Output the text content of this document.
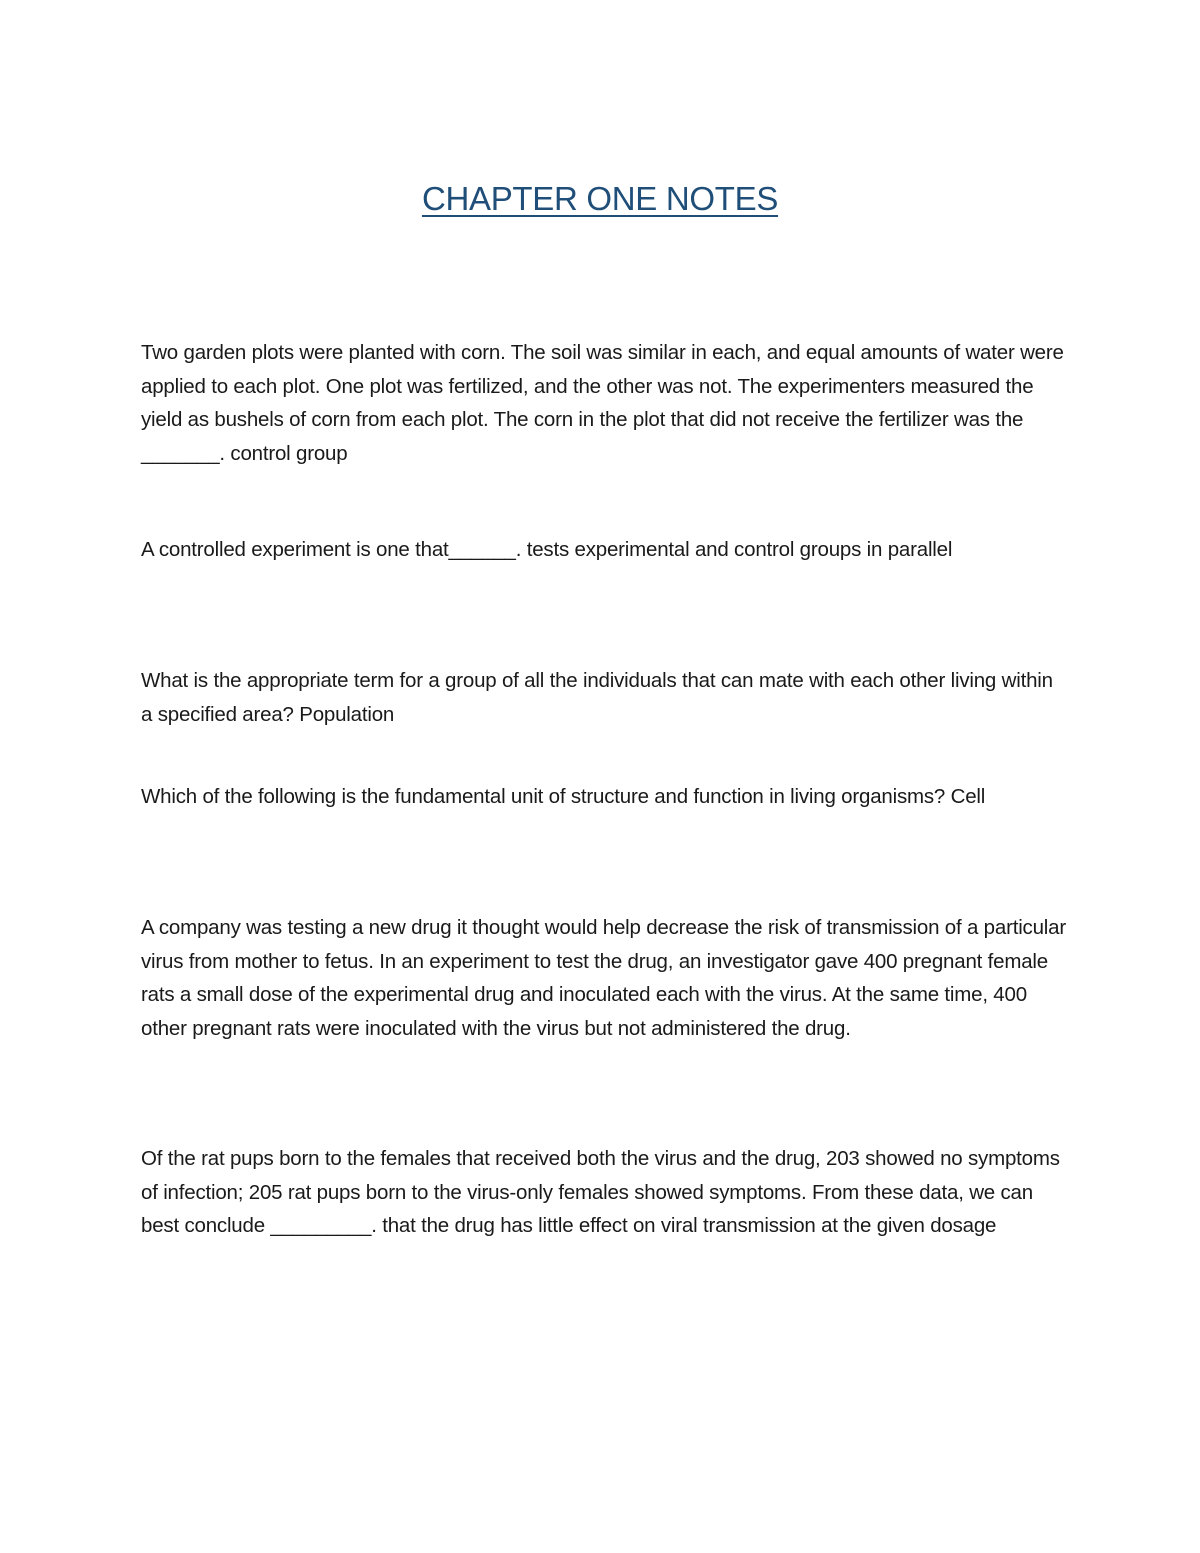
CHAPTER ONE NOTES

Two garden plots were planted with corn. The soil was similar in each, and equal amounts of water were applied to each plot. One plot was fertilized, and the other was not. The experimenters measured the yield as bushels of corn from each plot. The corn in the plot that did not receive the fertilizer was the _______. control group

A controlled experiment is one that______. tests experimental and control groups in parallel

What is the appropriate term for a group of all the individuals that can mate with each other living within a specified area? Population

Which of the following is the fundamental unit of structure and function in living organisms? Cell

A company was testing a new drug it thought would help decrease the risk of transmission of a particular virus from mother to fetus. In an experiment to test the drug, an investigator gave 400 pregnant female rats a small dose of the experimental drug and inoculated each with the virus. At the same time, 400 other pregnant rats were inoculated with the virus but not administered the drug.

Of the rat pups born to the females that received both the virus and the drug, 203 showed no symptoms of infection; 205 rat pups born to the virus-only females showed symptoms. From these data, we can best conclude _________. that the drug has little effect on viral transmission at the given dosage
